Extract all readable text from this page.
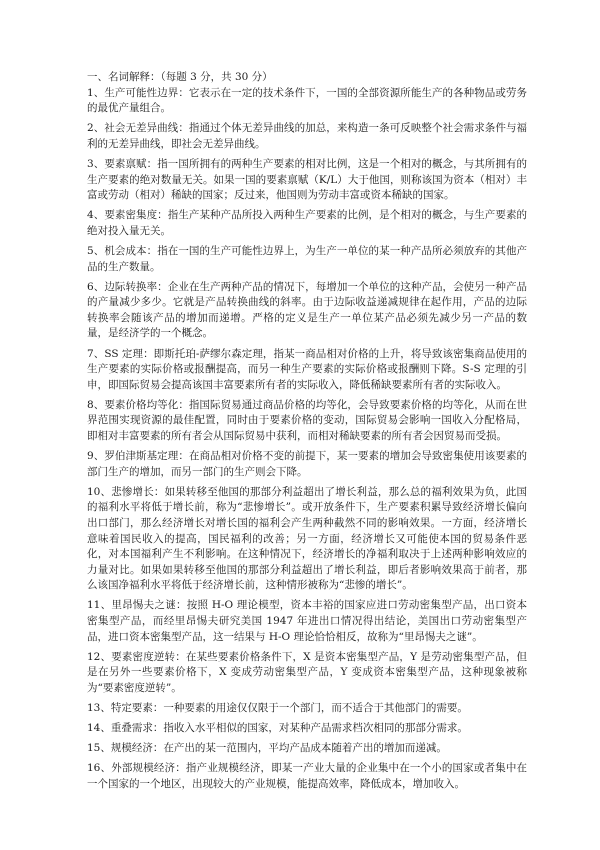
一、名词解释：（每题 3 分，共 30 分）

1、生产可能性边界：它表示在一定的技术条件下，一国的全部资源所能生产的各种物品或劳务的最优产量组合。

2、社会无差异曲线：指通过个体无差异曲线的加总，来构造一条可反映整个社会需求条件与福利的无差异曲线，即社会无差异曲线。

3、要素禀赋：指一国所拥有的两种生产要素的相对比例，这是一个相对的概念，与其所拥有的生产要素的绝对数量无关。如果一国的要素禀赋（K/L）大于他国，则称该国为资本（相对）丰富或劳动（相对）稀缺的国家；反过来，他国则为劳动丰富或资本稀缺的国家。

4、要素密集度：指生产某种产品所投入两种生产要素的比例，是个相对的概念，与生产要素的绝对投入量无关。

5、机会成本：指在一国的生产可能性边界上，为生产一单位的某一种产品所必须放弃的其他产品的生产数量。

6、边际转换率：企业在生产两种产品的情况下，每增加一个单位的这种产品，会使另一种产品的产量减少多少。它就是产品转换曲线的斜率。由于边际收益递减规律在起作用，产品的边际转换率会随该产品的增加而递增。严格的定义是生产一单位某产品必须先减少另一产品的数量，是经济学的一个概念。

7、SS 定理：即斯托珀-萨缪尔森定理，指某一商品相对价格的上升，将导致该密集商品使用的生产要素的实际价格或报酬提高，而另一种生产要素的实际价格或报酬则下降。S-S 定理的引申，即国际贸易会提高该国丰富要素所有者的实际收入，降低稀缺要素所有者的实际收入。

8、要素价格均等化：指国际贸易通过商品价格的均等化，会导致要素价格的均等化，从而在世界范围实现资源的最佳配置，同时由于要素价格的变动，国际贸易会影响一国收入分配格局，即相对丰富要素的所有者会从国际贸易中获利，而相对稀缺要素的所有者会因贸易而受损。

9、罗伯津斯基定理：在商品相对价格不变的前提下，某一要素的增加会导致密集使用该要素的部门生产的增加，而另一部门的生产则会下降。

10、悲惨增长：如果转移至他国的那部分利益超出了增长利益，那么总的福利效果为负，此国的福利水平将低于增长前，称为“悲惨增长”。或开放条件下，生产要素积累导致经济增长偏向出口部门，那么经济增长对增长国的福利会产生两种截然不同的影响效果。一方面，经济增长意味着国民收入的提高，国民福利的改善；另一方面，经济增长又可能使本国的贸易条件恶化，对本国福利产生不利影响。在这种情况下，经济增长的净福利取决于上述两种影响效应的力量对比。如果如果转移至他国的那部分利益超出了增长利益，即后者影响效果高于前者，那么该国净福利水平将低于经济增长前，这种情形被称为“悲惨的增长”。

11、里昂惕夫之谜：按照 H-O 理论模型，资本丰裕的国家应进口劳动密集型产品，出口资本密集型产品，而经里昂惕夫研究美国 1947 年进出口情况得出结论，美国出口劳动密集型产品，进口资本密集型产品，这一结果与 H-O 理论恰恰相反，故称为“里昂惕夫之谜”。

12、要素密度逆转：在某些要素价格条件下，X 是资本密集型产品，Y 是劳动密集型产品，但是在另外一些要素价格下，X 变成劳动密集型产品，Y 变成资本密集型产品，这种现象被称为“要素密度逆转”。

13、特定要素：一种要素的用途仅仅限于一个部门，而不适合于其他部门的需要。

14、重叠需求：指收入水平相似的国家，对某种产品需求档次相同的那部分需求。

15、规模经济：在产出的某一范围内，平均产品成本随着产出的增加而递减。

16、外部规模经济：指产业规模经济，即某一产业大量的企业集中在一个小的国家或者集中在一个国家的一个地区，出现较大的产业规模，能提高效率，降低成本，增加收入。
